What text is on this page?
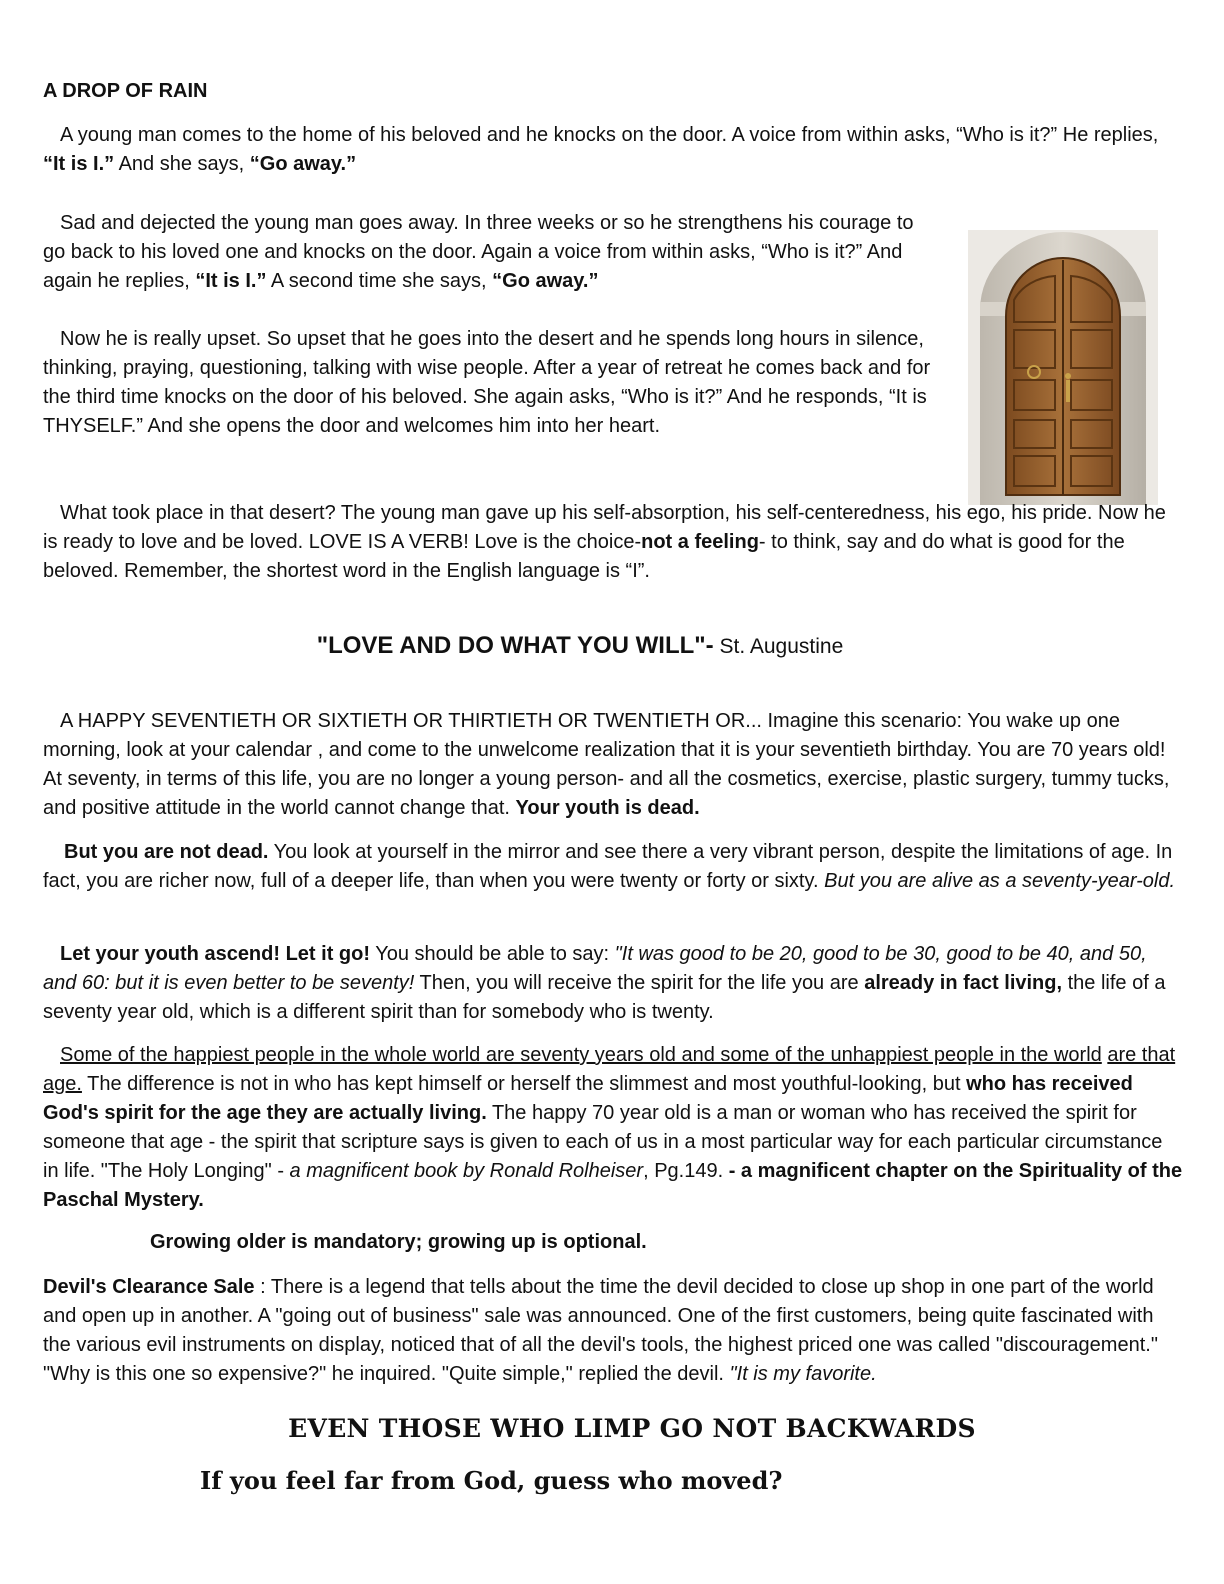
A DROP OF RAIN

A young man comes to the home of his beloved and he knocks on the door. A voice from within asks, “Who is it?” He replies, “It is I.” And she says, “Go away.”

Sad and dejected the young man goes away. In three weeks or so he strengthens his courage to go back to his loved one and knocks on the door. Again a voice from within asks, “Who is it?” And again he replies, “It is I.” A second time she says, “Go away.”

Now he is really upset. So upset that he goes into the desert and he spends long hours in silence, thinking, praying, questioning, talking with wise people. After a year of retreat he comes back and for the third time knocks on the door of his beloved. She again asks, “Who is it?” And he responds, “It is THYSELF.” And she opens the door and welcomes him into her heart.

What took place in that desert? The young man gave up his self-absorption, his self-centeredness, his ego, his pride. Now he is ready to love and be loved. LOVE IS A VERB! Love is the choice-not a feeling- to think, say and do what is good for the beloved. Remember, the shortest word in the English language is “I”.

"LOVE AND DO WHAT YOU WILL"- St. Augustine

A HAPPY SEVENTIETH OR SIXTIETH OR THIRTIETH OR TWENTIETH OR... Imagine this scenario: You wake up one morning, look at your calendar , and come to the unwelcome realization that it is your seventieth birthday. You are 70 years old! At seventy, in terms of this life, you are no longer a young person- and all the cosmetics, exercise, plastic surgery, tummy tucks, and positive attitude in the world cannot change that. Your youth is dead.

But you are not dead. You look at yourself in the mirror and see there a very vibrant person, despite the limitations of age. In fact, you are richer now, full of a deeper life, than when you were twenty or forty or sixty. But you are alive as a seventy-year-old.

Let your youth ascend! Let it go! You should be able to say: "It was good to be 20, good to be 30, good to be 40, and 50, and 60: but it is even better to be seventy! Then, you will receive the spirit for the life you are already in fact living, the life of a seventy year old, which is a different spirit than for somebody who is twenty.

Some of the happiest people in the whole world are seventy years old and some of the unhappiest people in the world are that age. The difference is not in who has kept himself or herself the slimmest and most youthful-looking, but who has received God's spirit for the age they are actually living. The happy 70 year old is a man or woman who has received the spirit for someone that age - the spirit that scripture says is given to each of us in a most particular way for each particular circumstance in life. "The Holy Longing" - a magnificent book by Ronald Rolheiser, Pg.149. - a magnificent chapter on the Spirituality of the Paschal Mystery.

Growing older is mandatory; growing up is optional.

Devil's Clearance Sale : There is a legend that tells about the time the devil decided to close up shop in one part of the world and open up in another. A "going out of business" sale was announced. One of the first customers, being quite fascinated with the various evil instruments on display, noticed that of all the devil's tools, the highest priced one was called "discouragement." "Why is this one so expensive?" he inquired. "Quite simple," replied the devil. "It is my favorite.

EVEN THOSE WHO LIMP GO NOT BACKWARDS
If you feel far from God, guess who moved?
